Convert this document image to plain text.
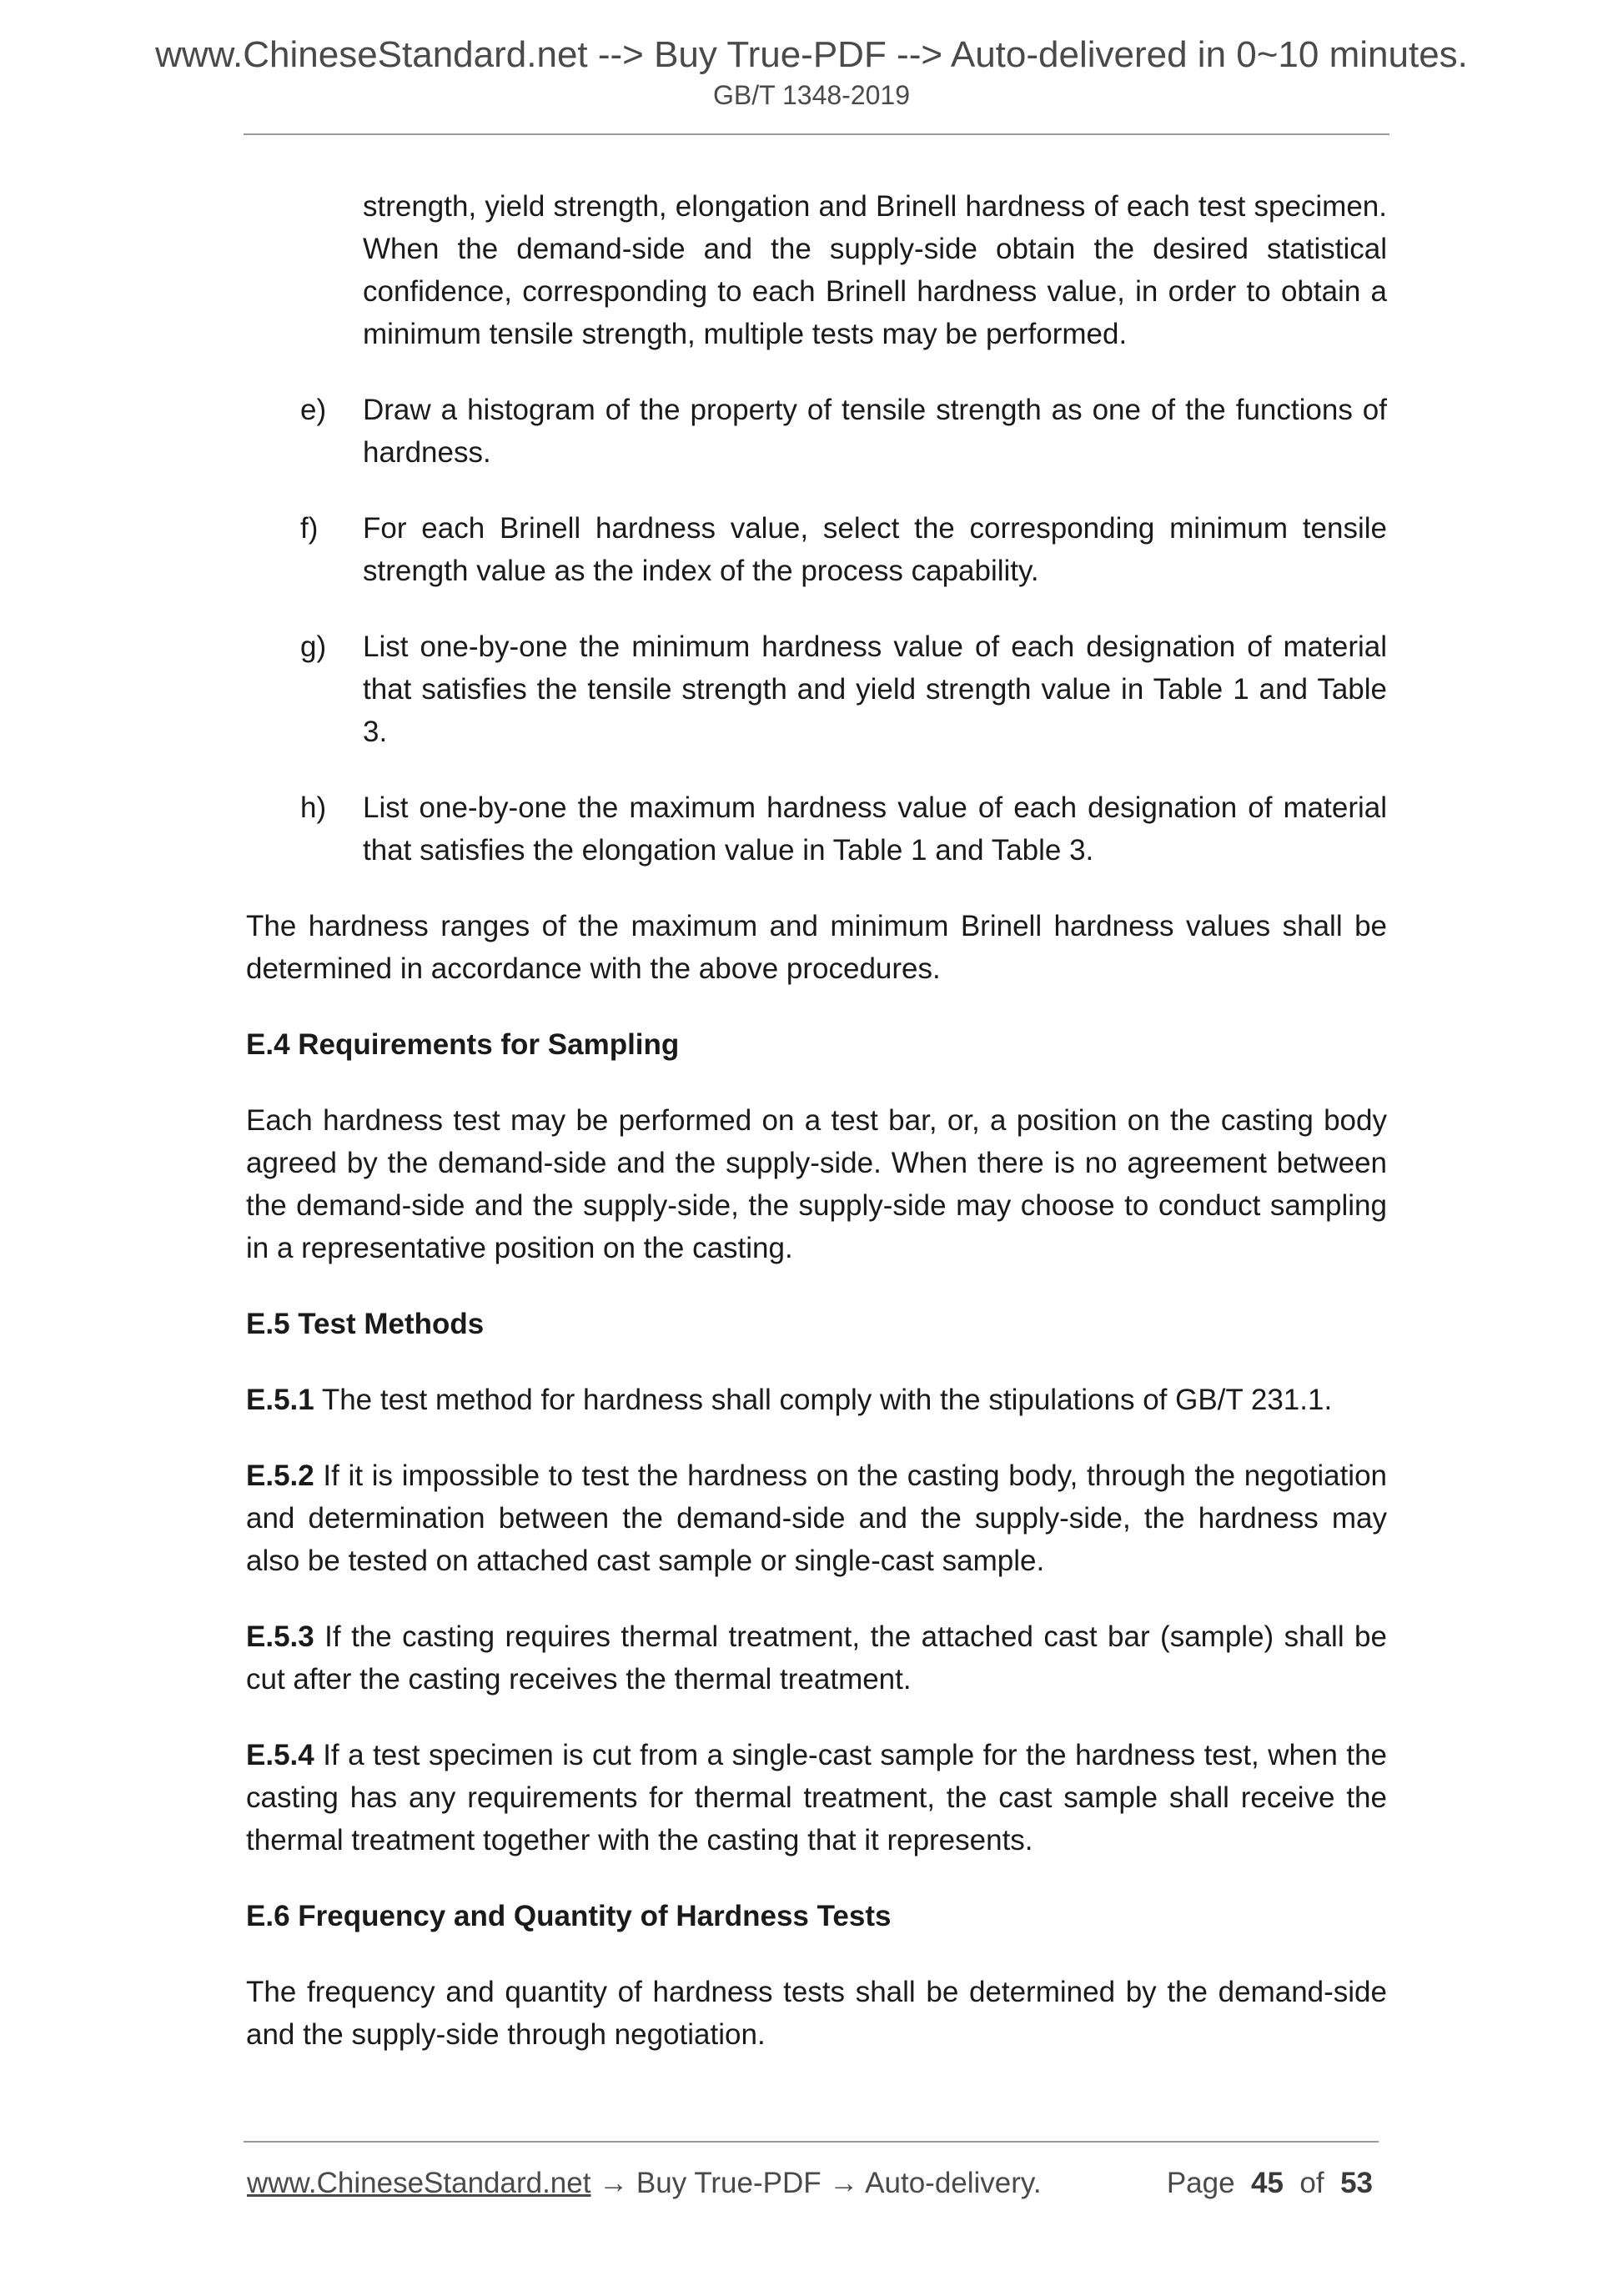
www.ChineseStandard.net --> Buy True-PDF --> Auto-delivered in 0~10 minutes.
GB/T 1348-2019

strength, yield strength, elongation and Brinell hardness of each test specimen. When the demand-side and the supply-side obtain the desired statistical confidence, corresponding to each Brinell hardness value, in order to obtain a minimum tensile strength, multiple tests may be performed.

e) Draw a histogram of the property of tensile strength as one of the functions of hardness.
f) For each Brinell hardness value, select the corresponding minimum tensile strength value as the index of the process capability.
g) List one-by-one the minimum hardness value of each designation of material that satisfies the tensile strength and yield strength value in Table 1 and Table 3.
h) List one-by-one the maximum hardness value of each designation of material that satisfies the elongation value in Table 1 and Table 3.

The hardness ranges of the maximum and minimum Brinell hardness values shall be determined in accordance with the above procedures.

E.4 Requirements for Sampling

Each hardness test may be performed on a test bar, or, a position on the casting body agreed by the demand-side and the supply-side. When there is no agreement between the demand-side and the supply-side, the supply-side may choose to conduct sampling in a representative position on the casting.

E.5 Test Methods

E.5.1 The test method for hardness shall comply with the stipulations of GB/T 231.1.

E.5.2 If it is impossible to test the hardness on the casting body, through the negotiation and determination between the demand-side and the supply-side, the hardness may also be tested on attached cast sample or single-cast sample.

E.5.3 If the casting requires thermal treatment, the attached cast bar (sample) shall be cut after the casting receives the thermal treatment.

E.5.4 If a test specimen is cut from a single-cast sample for the hardness test, when the casting has any requirements for thermal treatment, the cast sample shall receive the thermal treatment together with the casting that it represents.

E.6 Frequency and Quantity of Hardness Tests

The frequency and quantity of hardness tests shall be determined by the demand-side and the supply-side through negotiation.

www.ChineseStandard.net → Buy True-PDF → Auto-delivery.	Page 45 of 53
